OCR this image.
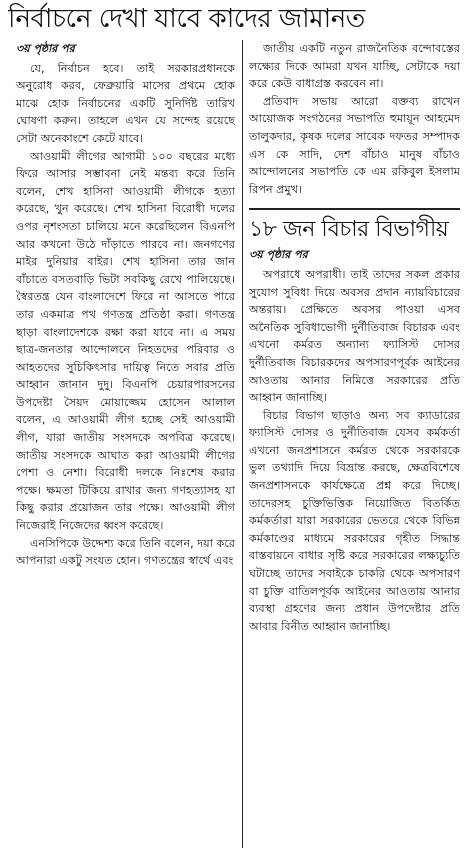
নির্বাচনে দেখা যাবে কাদের জামানত
৩য় পৃষ্ঠার পর

যে, নির্বাচন হবে। তাই সরকারপ্রধানকে অনুরোধ করব, ফেব্রুয়ারি মাসের প্রথমে হোক মাঝে হোক নির্বাচনের একটি সুনির্দিষ্ট তারিখ ঘোষণা করুন। তাহলে এখন যে সন্দেহ রয়েছে সেটা অনেকাংশে কেটে যাবে।

আওয়ামী লীগের আগামী ১০০ বছরের মধ্যে ফিরে আসার সম্ভাবনা নেই মন্তব্য করে তিনি বলেন, শেখ হাসিনা আওয়ামী লীগকে হত্যা করেছে, খুন করেছে। শেখ হাসিনা বিরোধী দলের ওপর নৃশংসতা চালিয়ে মনে করেছিলেন বিএনপি আর কখনো উঠে দাঁড়াতে পারবে না। জনগণের মাইর দুনিয়ার বাইর। শেখ হাসিনা তার জান বাঁচাতে বসতবাড়ি ভিটা সবকিছু রেখে পালিয়েছে। স্বৈরতন্ত্র যেন বাংলাদেশে ফিরে না আসতে পারে তার একমাত্র পথ গণতন্ত্র প্রতিষ্ঠা করা। গণতন্ত্র ছাড়া বাংলাদেশকে রক্ষা করা যাবে না। এ সময় ছাত্র-জনতার আন্দোলনে নিহতদের পরিবার ও আহতদের সুচিকিৎসার দায়িত্ব নিতে সবার প্রতি আহ্বান জানান দুদু। বিএনপি চেয়ারপারসনের উপদেষ্টা সৈয়দ মোয়াজ্জেম হোসেন আলাল বলেন, এ আওয়ামী লীগ হচ্ছে সেই আওয়ামী লীগ, যারা জাতীয় সংসদকে অপবিত্র করেছে। জাতীয় সংসদকে আঘাত করা আওয়ামী লীগের পেশা ও নেশা। বিরোধী দলকে নিঃশেষ করার পক্ষে। ক্ষমতা টিকিয়ে রাখার জন্য গণহত্যাসহ যা কিছু করার প্রয়োজন তার পক্ষে। আওয়ামী লীগ নিজেরাই নিজেদের ধ্বংস করেছে।

এনসিপিকে উদ্দেশ্য করে তিনি বলেন, দয়া করে আপনারা একটু সংযত হোন। গণতন্ত্রের স্বার্থে এবং

জাতীয় একটি নতুন রাজনৈতিক বন্দোবস্তের লক্ষ্যের দিকে আমরা যখন যাচ্ছি, সেটাকে দয়া করে কেউ বাধাগ্রস্ত করবেন না।

প্রতিবাদ সভায় আরো বক্তব্য রাখেন আয়োজক সংগঠনের সভাপতি হুমায়ূন আহমেদ তালুকদার, কৃষক দলের সাবেক দফতর সম্পাদক এস কে সাদি, দেশ বাঁচাও মানুষ বাঁচাও আন্দোলনের সভাপতি কে এম রকিবুল ইসলাম রিপন প্রমুখ।

১৮ জন বিচার বিভাগীয়
৩য় পৃষ্ঠার পর

অপরাধে অপরাধী। তাই তাদের সকল প্রকার সুযোগ সুবিধা দিয়ে অবসর প্রদান ন্যায়বিচারের অন্তরায়। প্রেক্ষিতে অবসর পাওয়া এসব অনৈতিক সুবিধাভোগী দুর্নীতিবাজ বিচারক এবং এখনো কর্মরত অন্যান্য ফ্যাসিস্ট দোসর দুর্নীতিবাজ বিচারকদের অপসারণপূর্বক আইনের আওতায় আনার নিমিত্তে সরকারের প্রতি আহ্বান জানাচ্ছি।

বিচার বিভাগ ছাড়াও অন্য সব ক্যাডারের ফ্যাসিস্ট দোসর ও দুর্নীতিবাজ যেসব কর্মকর্তা এখনো জনপ্রশাসনে কর্মরত থেকে সরকারকে ভুল তথ্যাদি দিয়ে বিভ্রান্ত করছে, ক্ষেত্রবিশেষে জনপ্রশাসনকে কার্যক্ষেত্রে প্রশ্ন করে দিচ্ছে। তাদেরসহ চুক্তিভিত্তিক নিয়োজিত বিতর্কিত কর্মকর্তারা যারা সরকারের ভেতরে থেকে বিভিন্ন কর্মকাণ্ডের মাধ্যমে সরকারের গৃহীত সিদ্ধান্ত বাস্তবায়নে বাধার সৃষ্টি করে সরকারের লক্ষ্যচ্যুতি ঘটাচ্ছে তাদের সবাইকে চাকরি থেকে অপসারণ বা চুক্তি বাতিলপূর্বক আইনের আওতায় আনার ব্যবস্থা গ্রহণের জন্য প্রধান উপদেষ্টার প্রতি আবার বিনীত আহ্বান জানাচ্ছি।
